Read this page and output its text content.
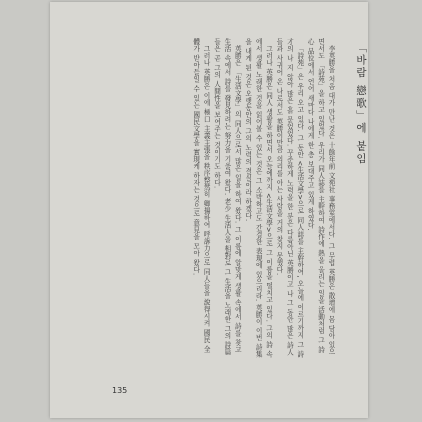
「바람 戀歌」에 붙임

李英勝을 처음 대가 만난 것은 十餘年前 文苑社 事務室에서다. 그 무렵 英勝은 散增에 몸 담아 있으면서도 「詩苑」을 하고 있었다. 우리가 同人誌를 主幹하여 詩作에 熱을 올리는 일을 活動처럼 그 詩心 品位에서 언어 새마다 나에게 한 층 보대주고 있게 하였다.

「詩苑」은 우리 오고 있다. 그 동안 <生活文學>으로 同人誌를 主幹하여, 오늘에 이르기까지 그 詩才의 나 지 않아 많은 흙 묻었었다. 꾸준하게 노력을 한 분은 다름아닌 英勝이고 나 그 동안 많은 詩人들과 사귀어 온 나로서도 英勝이만큼 의리를 아는 사람을 거의 찾지 못했다.

그러나 英勝은 同人 생활을 하면서 오늘에까지 <生活文學>으로 그 이름을 떨치고 있다. 그의 詩 속에서 생활 노래한 것을 읽어볼 수 있는 것은 그 소박하고도 간결한 表現에 있으리라. 英勝이 이번 詩集을 내게 된 것은 오랫동안의 그의 노력의 결실이라 하겠다.

英勝은 「生活文學」의 同人으로서 많은 일을 하여 왔다. 그 이름에 알맞게 생활 속에서 詩를 찾고 生活 속에서 詩를 發見하려는 努力을 기울여 왔다. 老少 生活人을 相對로 그 生活을 노래한 그의 詩篇들은 곧 그의 人間性을 보여주는 것이기도 하다.

그러나 英勝은 이에 極口 主義主張을 秩序整然히 卿揚하여 呼訴力으로 同人들을 說得시켜 國民 全體가 받아들일 수 있는 國民文學을 實現케 하자는 것으로 意見을 모아 왔다.

135
